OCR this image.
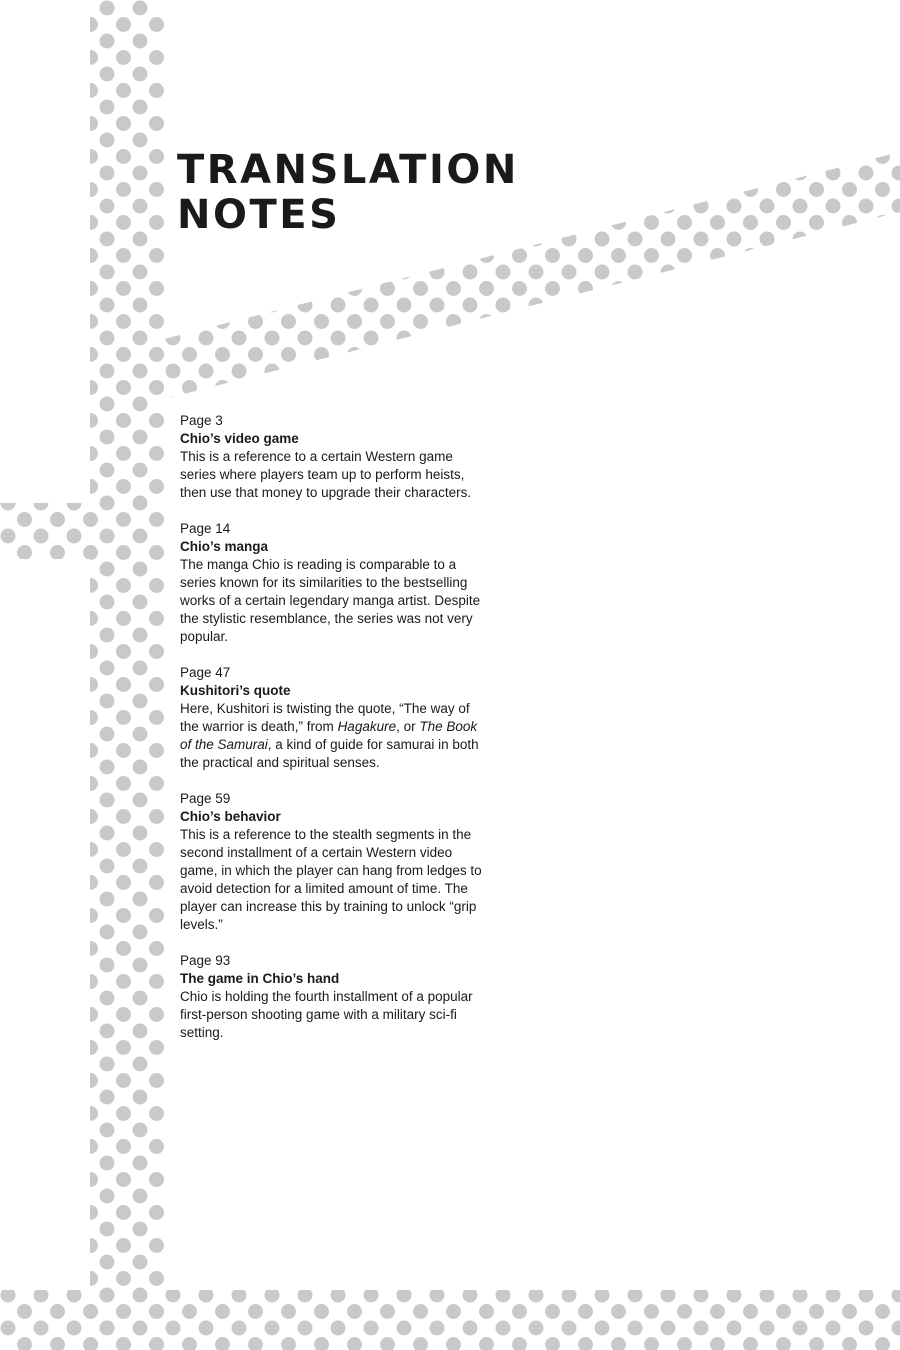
TRANSLATION
NOTES
Page 3
Chio’s video game
This is a reference to a certain Western game series where players team up to perform heists, then use that money to upgrade their characters.
Page 14
Chio’s manga
The manga Chio is reading is comparable to a series known for its similarities to the bestselling works of a certain legendary manga artist. Despite the stylistic resemblance, the series was not very popular.
Page 47
Kushitori’s quote
Here, Kushitori is twisting the quote, “The way of the warrior is death,” from Hagakure, or The Book of the Samurai, a kind of guide for samurai in both the practical and spiritual senses.
Page 59
Chio’s behavior
This is a reference to the stealth segments in the second installment of a certain Western video game, in which the player can hang from ledges to avoid detection for a limited amount of time. The player can increase this by training to unlock “grip levels.”
Page 93
The game in Chio’s hand
Chio is holding the fourth installment of a popular first-person shooting game with a military sci-fi setting.
